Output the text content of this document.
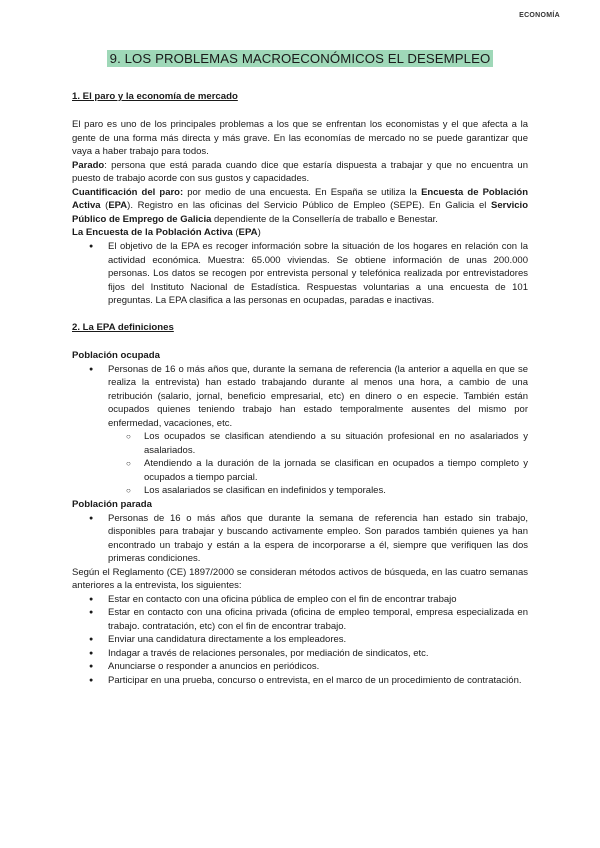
ECONOMÍA
9. LOS PROBLEMAS MACROECONÓMICOS EL DESEMPLEO
1. El paro y la economía de mercado

El paro es uno de los principales problemas a los que se enfrentan los economistas y el que afecta a la gente de una forma más directa y más grave. En las economías de mercado no se puede garantizar que vaya a haber trabajo para todos.

Parado: persona que está parada cuando dice que estaría dispuesta a trabajar y que no encuentra un puesto de trabajo acorde con sus gustos y capacidades.

Cuantificación del paro: por medio de una encuesta. En España se utiliza la Encuesta de Población Activa (EPA). Registro en las oficinas del Servicio Público de Empleo (SEPE). En Galicia el Servicio Público de Emprego de Galicia dependiente de la Consellería de traballo e Benestar.

La Encuesta de la Población Activa (EPA)
● El objetivo de la EPA es recoger información sobre la situación de los hogares en relación con la actividad económica. Muestra: 65.000 viviendas. Se obtiene información de unas 200.000 personas. Los datos se recogen por entrevista personal y telefónica realizada por entrevistadores fijos del Instituto Nacional de Estadística. Respuestas voluntarias a una encuesta de 101 preguntas. La EPA clasifica a las personas en ocupadas, paradas e inactivas.
2. La EPA definiciones
Población ocupada
● Personas de 16 o más años que, durante la semana de referencia (la anterior a aquella en que se realiza la entrevista) han estado trabajando durante al menos una hora, a cambio de una retribución (salario, jornal, beneficio empresarial, etc) en dinero o en especie. También están ocupados quienes teniendo trabajo han estado temporalmente ausentes del mismo por enfermedad, vacaciones, etc.
○ Los ocupados se clasifican atendiendo a su situación profesional en no asalariados y asalariados.
○ Atendiendo a la duración de la jornada se clasifican en ocupados a tiempo completo y ocupados a tiempo parcial.
○ Los asalariados se clasifican en indefinidos y temporales.
Población parada
● Personas de 16 o más años que durante la semana de referencia han estado sin trabajo, disponibles para trabajar y buscando activamente empleo. Son parados también quienes ya han encontrado un trabajo y están a la espera de incorporarse a él, siempre que verifiquen las dos primeras condiciones.

Según el Reglamento (CE) 1897/2000 se consideran métodos activos de búsqueda, en las cuatro semanas anteriores a la entrevista, los siguientes:

● Estar en contacto con una oficina pública de empleo con el fin de encontrar trabajo
● Estar en contacto con una oficina privada (oficina de empleo temporal, empresa especializada en trabajo. contratación, etc) con el fin de encontrar trabajo.
● Enviar una candidatura directamente a los empleadores.
● Indagar a través de relaciones personales, por mediación de sindicatos, etc.
● Anunciarse o responder a anuncios en periódicos.
● Participar en una prueba, concurso o entrevista, en el marco de un procedimiento de contratación.
